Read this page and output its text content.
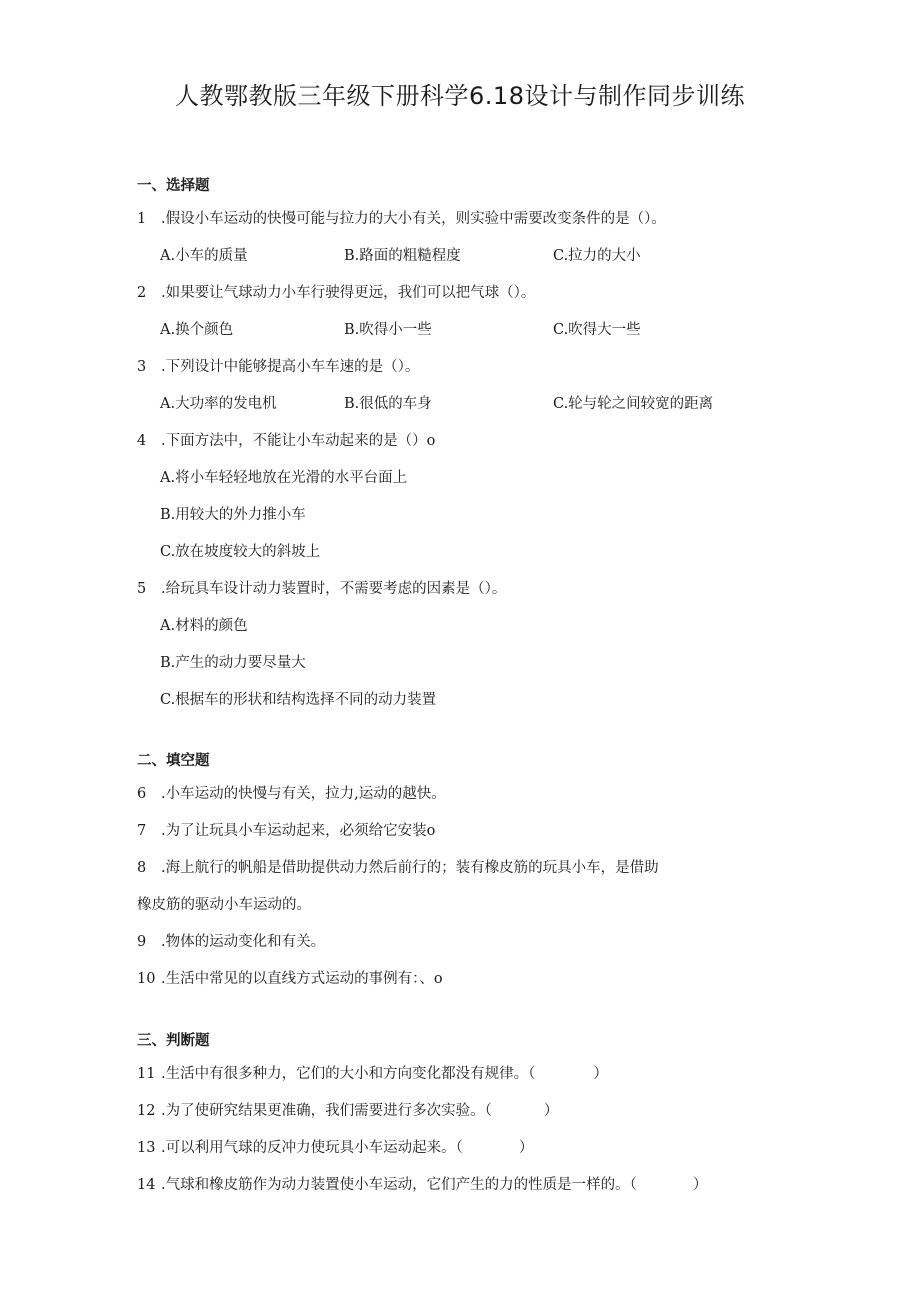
人教鄂教版三年级下册科学6.18设计与制作同步训练
一、选择题
1 .假设小车运动的快慢可能与拉力的大小有关，则实验中需要改变条件的是（）。
A.小车的质量	B.路面的粗糙程度	C.拉力的大小
2 .如果要让气球动力小车行驶得更远，我们可以把气球（）。
A.换个颜色	B.吹得小一些	C.吹得大一些
3 .下列设计中能够提高小车车速的是（）。
A.大功率的发电机	B.很低的车身	C.轮与轮之间较宽的距离
4 .下面方法中，不能让小车动起来的是（）o
A.将小车轻轻地放在光滑的水平台面上
B.用较大的外力推小车
C.放在坡度较大的斜坡上
5 .给玩具车设计动力装置时，不需要考虑的因素是（）。
A.材料的颜色
B.产生的动力要尽量大
C.根据车的形状和结构选择不同的动力装置
二、填空题
6 .小车运动的快慢与有关，拉力,运动的越快。
7 .为了让玩具小车运动起来，必须给它安装o
8 .海上航行的帆船是借助提供动力然后前行的；装有橡皮筋的玩具小车，是借助
橡皮筋的驱动小车运动的。
9 .物体的运动变化和有关。
10 .生活中常见的以直线方式运动的事例有：、o
三、判断题
11 .生活中有很多种力，它们的大小和方向变化都没有规律。（	）
12 .为了使研究结果更准确，我们需要进行多次实验。（	）
13 .可以利用气球的反冲力使玩具小车运动起来。（	）
14 .气球和橡皮筋作为动力装置使小车运动，它们产生的力的性质是一样的。（	）
